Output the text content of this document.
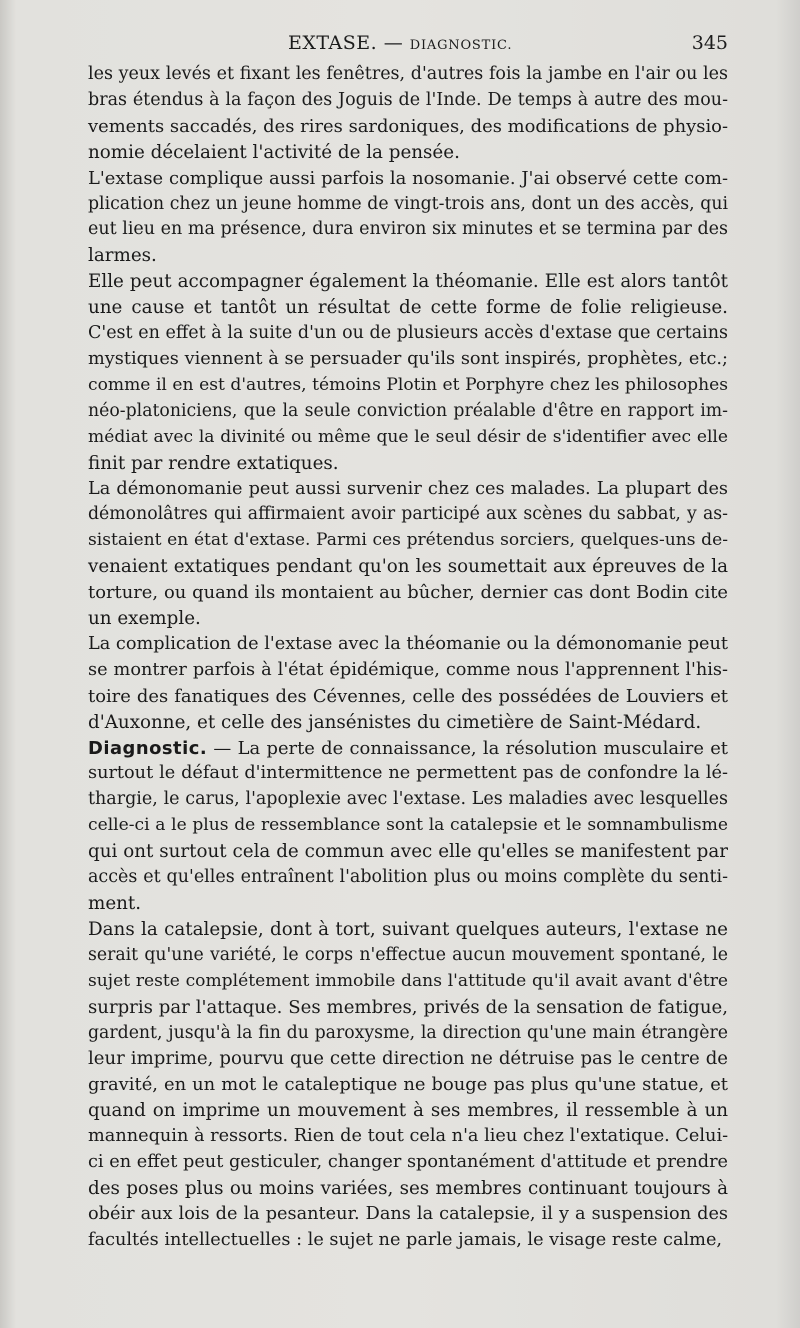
EXTASE. — DIAGNOSTIC.	345

les yeux levés et fixant les fenêtres, d'autres fois la jambe en l'air ou les
bras étendus à la façon des Joguis de l'Inde. De temps à autre des mou-
vements saccadés, des rires sardoniques, des modifications de physio-
nomie décelaient l'activité de la pensée.

L'extase complique aussi parfois la nosomanie. J'ai observé cette com-
plication chez un jeune homme de vingt-trois ans, dont un des accès, qui
eut lieu en ma présence, dura environ six minutes et se termina par des
larmes.

Elle peut accompagner également la théomanie. Elle est alors tantôt
une cause et tantôt un résultat de cette forme de folie religieuse.
C'est en effet à la suite d'un ou de plusieurs accès d'extase que certains
mystiques viennent à se persuader qu'ils sont inspirés, prophètes, etc.;
comme il en est d'autres, témoins Plotin et Porphyre chez les philosophes
néo-platoniciens, que la seule conviction préalable d'être en rapport im-
médiat avec la divinité ou même que le seul désir de s'identifier avec elle
finit par rendre extatiques.

La démonomanie peut aussi survenir chez ces malades. La plupart des
démonolâtres qui affirmaient avoir participé aux scènes du sabbat, y as-
sistaient en état d'extase. Parmi ces prétendus sorciers, quelques-uns de-
venaient extatiques pendant qu'on les soumettait aux épreuves de la
torture, ou quand ils montaient au bûcher, dernier cas dont Bodin cite
un exemple.

La complication de l'extase avec la théomanie ou la démonomanie peut
se montrer parfois à l'état épidémique, comme nous l'apprennent l'his-
toire des fanatiques des Cévennes, celle des possédées de Louviers et
d'Auxonne, et celle des jansénistes du cimetière de Saint-Médard.

Diagnostic. — La perte de connaissance, la résolution musculaire et
surtout le défaut d'intermittence ne permettent pas de confondre la lé-
thargie, le carus, l'apoplexie avec l'extase. Les maladies avec lesquelles
celle-ci a le plus de ressemblance sont la catalepsie et le somnambulisme
qui ont surtout cela de commun avec elle qu'elles se manifestent par
accès et qu'elles entraînent l'abolition plus ou moins complète du senti-
ment.

Dans la catalepsie, dont à tort, suivant quelques auteurs, l'extase ne
serait qu'une variété, le corps n'effectue aucun mouvement spontané, le
sujet reste complétement immobile dans l'attitude qu'il avait avant d'être
surpris par l'attaque. Ses membres, privés de la sensation de fatigue,
gardent, jusqu'à la fin du paroxysme, la direction qu'une main étrangère
leur imprime, pourvu que cette direction ne détruise pas le centre de
gravité, en un mot le cataleptique ne bouge pas plus qu'une statue, et
quand on imprime un mouvement à ses membres, il ressemble à un
mannequin à ressorts. Rien de tout cela n'a lieu chez l'extatique. Celui-
ci en effet peut gesticuler, changer spontanément d'attitude et prendre
des poses plus ou moins variées, ses membres continuant toujours à
obéir aux lois de la pesanteur. Dans la catalepsie, il y a suspension des
facultés intellectuelles : le sujet ne parle jamais, le visage reste calme,
